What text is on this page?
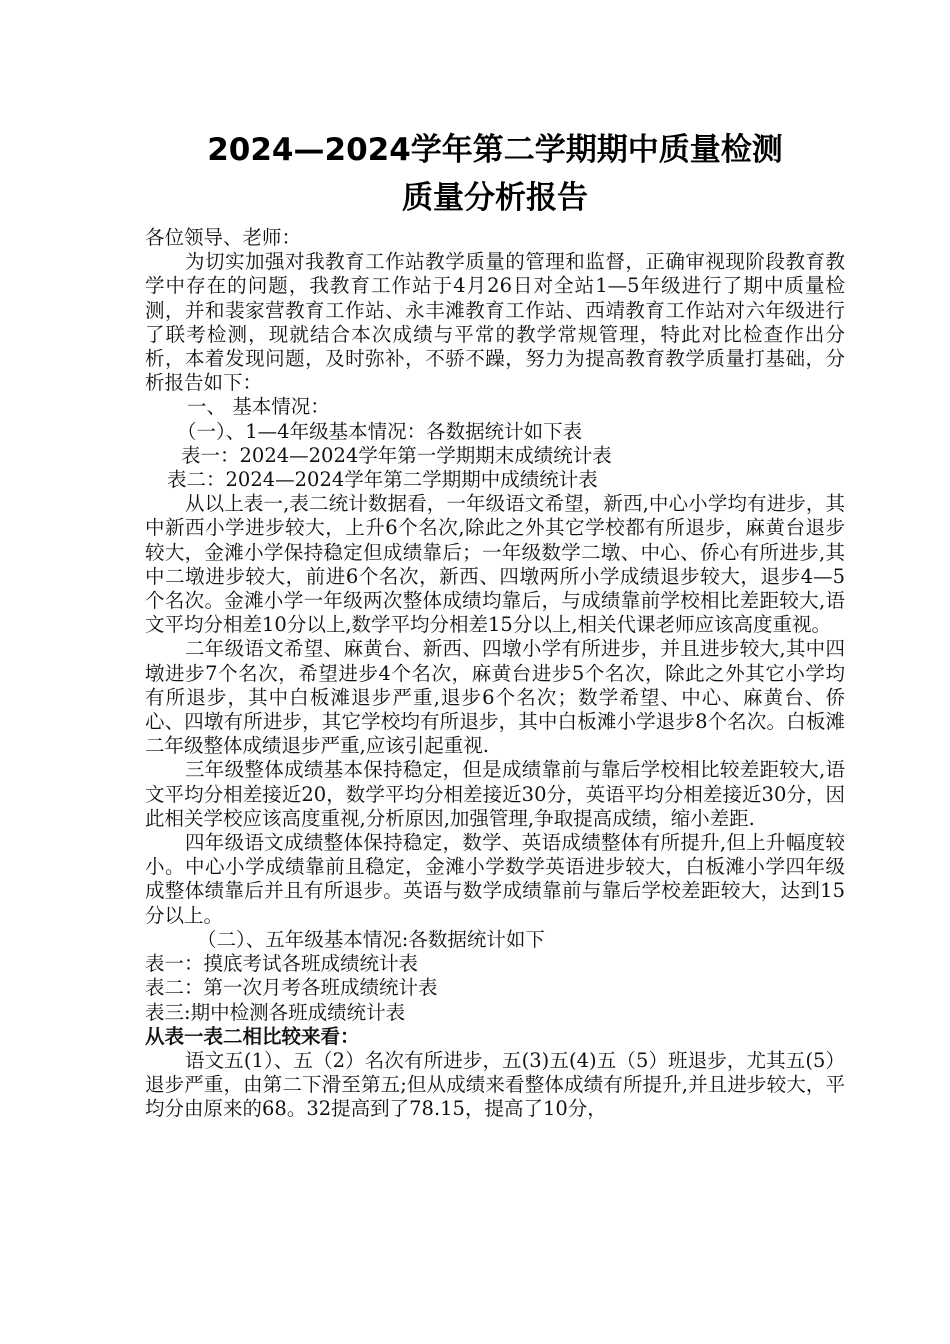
2024—2024学年第二学期期中质量检测
质量分析报告

各位领导、老师：

为切实加强对我教育工作站教学质量的管理和监督，正确审视现阶段教育教学中存在的问题，我教育工作站于4月26日对全站1—5年级进行了期中质量检测，并和裴家营教育工作站、永丰滩教育工作站、西靖教育工作站对六年级进行了联考检测，现就结合本次成绩与平常的教学常规管理，特此对比检查作出分析，本着发现问题，及时弥补，不骄不躁，努力为提高教育教学质量打基础，分析报告如下：

一、 基本情况：

（一）、1—4年级基本情况：各数据统计如下表

表一：2024—2024学年第一学期期末成绩统计表

表二：2024—2024学年第二学期期中成绩统计表

从以上表一,表二统计数据看，一年级语文希望，新西,中心小学均有进步，其中新西小学进步较大，上升6个名次,除此之外其它学校都有所退步，麻黄台退步较大，金滩小学保持稳定但成绩靠后；一年级数学二墩、中心、侨心有所进步,其中二墩进步较大，前进6个名次，新西、四墩两所小学成绩退步较大，退步4—5个名次。金滩小学一年级两次整体成绩均靠后，与成绩靠前学校相比差距较大,语文平均分相差10分以上,数学平均分相差15分以上,相关代课老师应该高度重视。

二年级语文希望、麻黄台、新西、四墩小学有所进步，并且进步较大,其中四墩进步7个名次，希望进步4个名次，麻黄台进步5个名次，除此之外其它小学均有所退步，其中白板滩退步严重,退步6个名次；数学希望、中心、麻黄台、侨心、四墩有所进步，其它学校均有所退步，其中白板滩小学退步8个名次。白板滩二年级整体成绩退步严重,应该引起重视.

三年级整体成绩基本保持稳定，但是成绩靠前与靠后学校相比较差距较大,语文平均分相差接近20，数学平均分相差接近30分，英语平均分相差接近30分，因此相关学校应该高度重视,分析原因,加强管理,争取提高成绩，缩小差距.

四年级语文成绩整体保持稳定，数学、英语成绩整体有所提升,但上升幅度较小。中心小学成绩靠前且稳定，金滩小学数学英语进步较大，白板滩小学四年级成整体绩靠后并且有所退步。英语与数学成绩靠前与靠后学校差距较大，达到15分以上。

（二）、五年级基本情况:各数据统计如下

表一：摸底考试各班成绩统计表

表二：第一次月考各班成绩统计表

表三:期中检测各班成绩统计表

从表一表二相比较来看：

语文五(1）、五（2）名次有所进步，五(3)五(4)五（5）班退步，尤其五(5）退步严重，由第二下滑至第五;但从成绩来看整体成绩有所提升,并且进步较大，平均分由原来的68。32提高到了78.15，提高了10分，
